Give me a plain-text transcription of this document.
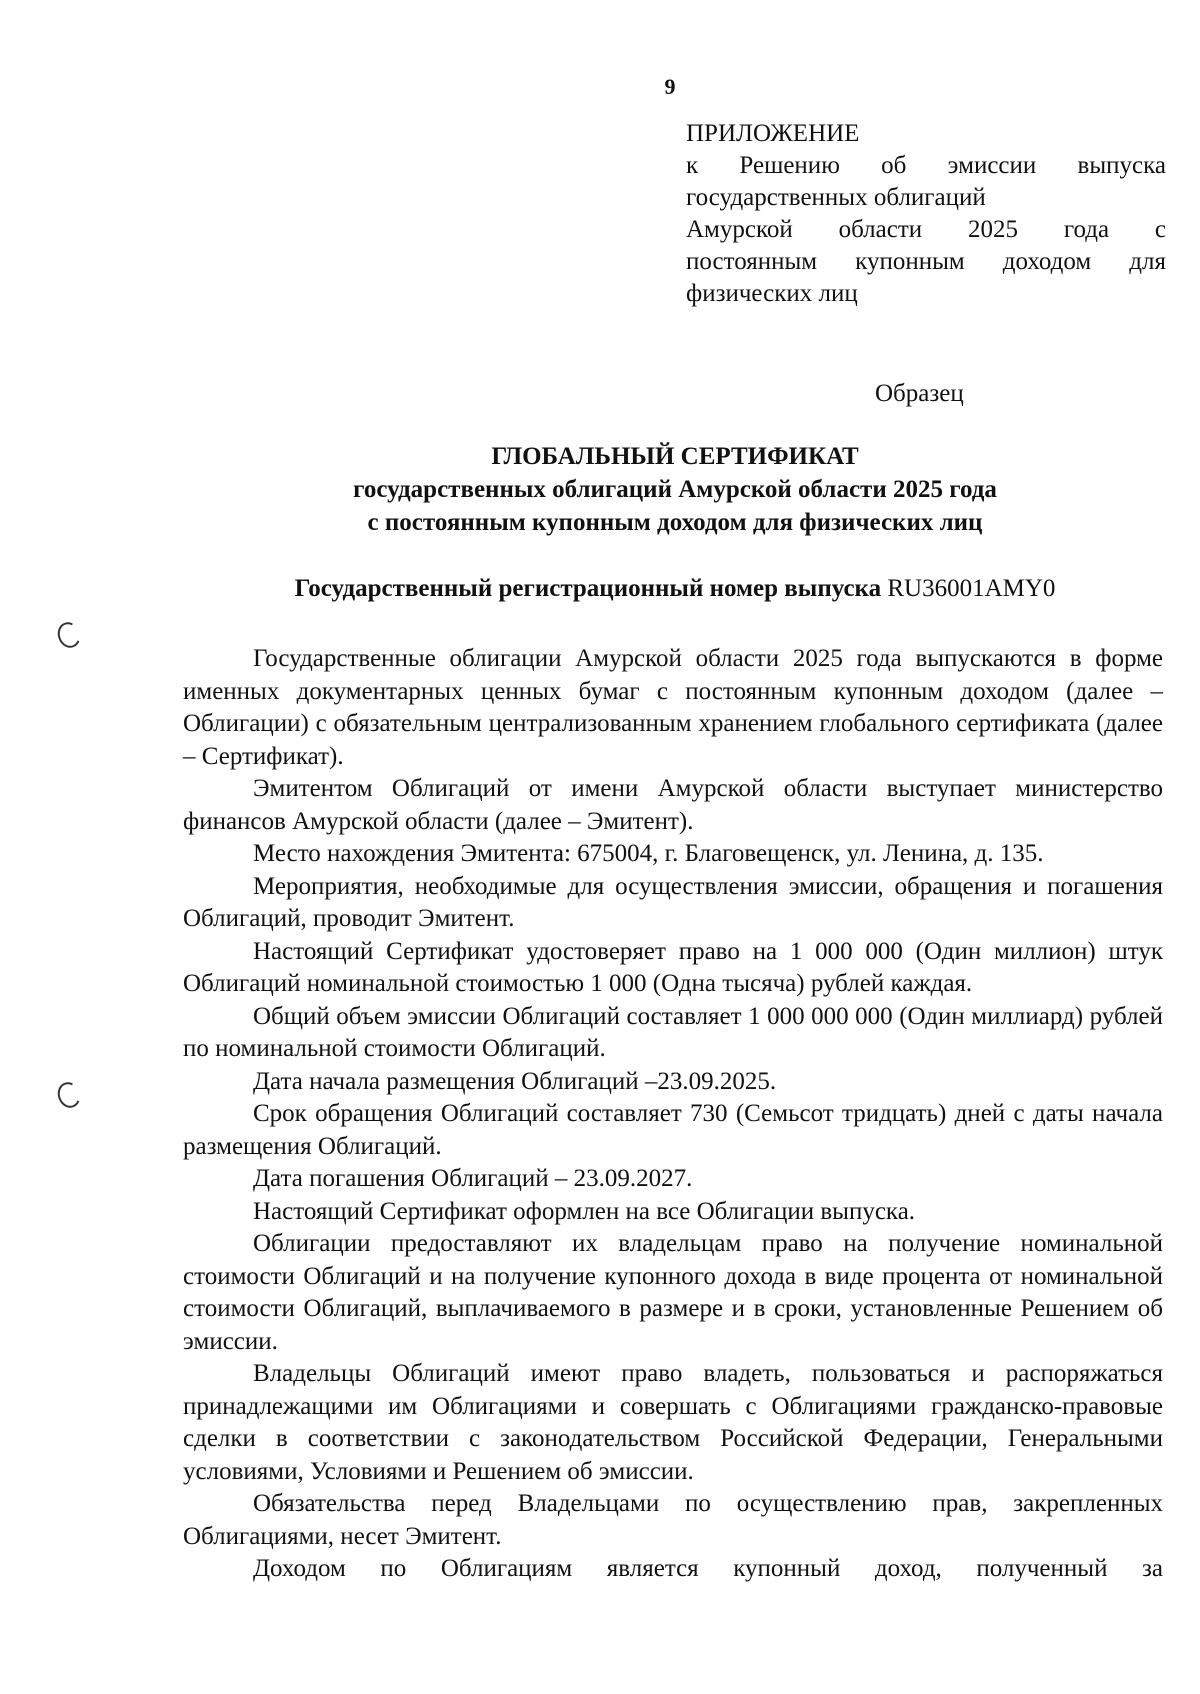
9
ПРИЛОЖЕНИЕ
к Решению об эмиссии выпуска
государственных облигаций
Амурской области 2025 года с
постоянным купонным доходом для
физических лиц
Образец
ГЛОБАЛЬНЫЙ СЕРТИФИКАТ
государственных облигаций Амурской области 2025 года
с постоянным купонным доходом для физических лиц
Государственный регистрационный номер выпуска RU36001AMY0

Государственные облигации Амурской области 2025 года выпускаются в форме именных документарных ценных бумаг с постоянным купонным доходом (далее – Облигации) с обязательным централизованным хранением глобального сертификата (далее – Сертификат).

Эмитентом Облигаций от имени Амурской области выступает министерство финансов Амурской области (далее – Эмитент).

Место нахождения Эмитента: 675004, г. Благовещенск, ул. Ленина, д. 135.

Мероприятия, необходимые для осуществления эмиссии, обращения и погашения Облигаций, проводит Эмитент.

Настоящий Сертификат удостоверяет право на 1 000 000 (Один миллион) штук Облигаций номинальной стоимостью 1 000 (Одна тысяча) рублей каждая.

Общий объем эмиссии Облигаций составляет 1 000 000 000 (Один миллиард) рублей по номинальной стоимости Облигаций.

Дата начала размещения Облигаций –23.09.2025.

Срок обращения Облигаций составляет 730 (Семьсот тридцать) дней с даты начала размещения Облигаций.

Дата погашения Облигаций – 23.09.2027.

Настоящий Сертификат оформлен на все Облигации выпуска.

Облигации предоставляют их владельцам право на получение номинальной стоимости Облигаций и на получение купонного дохода в виде процента от номинальной стоимости Облигаций, выплачиваемого в размере и в сроки, установленные Решением об эмиссии.

Владельцы Облигаций имеют право владеть, пользоваться и распоряжаться принадлежащими им Облигациями и совершать с Облигациями гражданско-правовые сделки в соответствии с законодательством Российской Федерации, Генеральными условиями, Условиями и Решением об эмиссии.

Обязательства перед Владельцами по осуществлению прав, закрепленных Облигациями, несет Эмитент.

Доходом по Облигациям является купонный доход, полученный за
